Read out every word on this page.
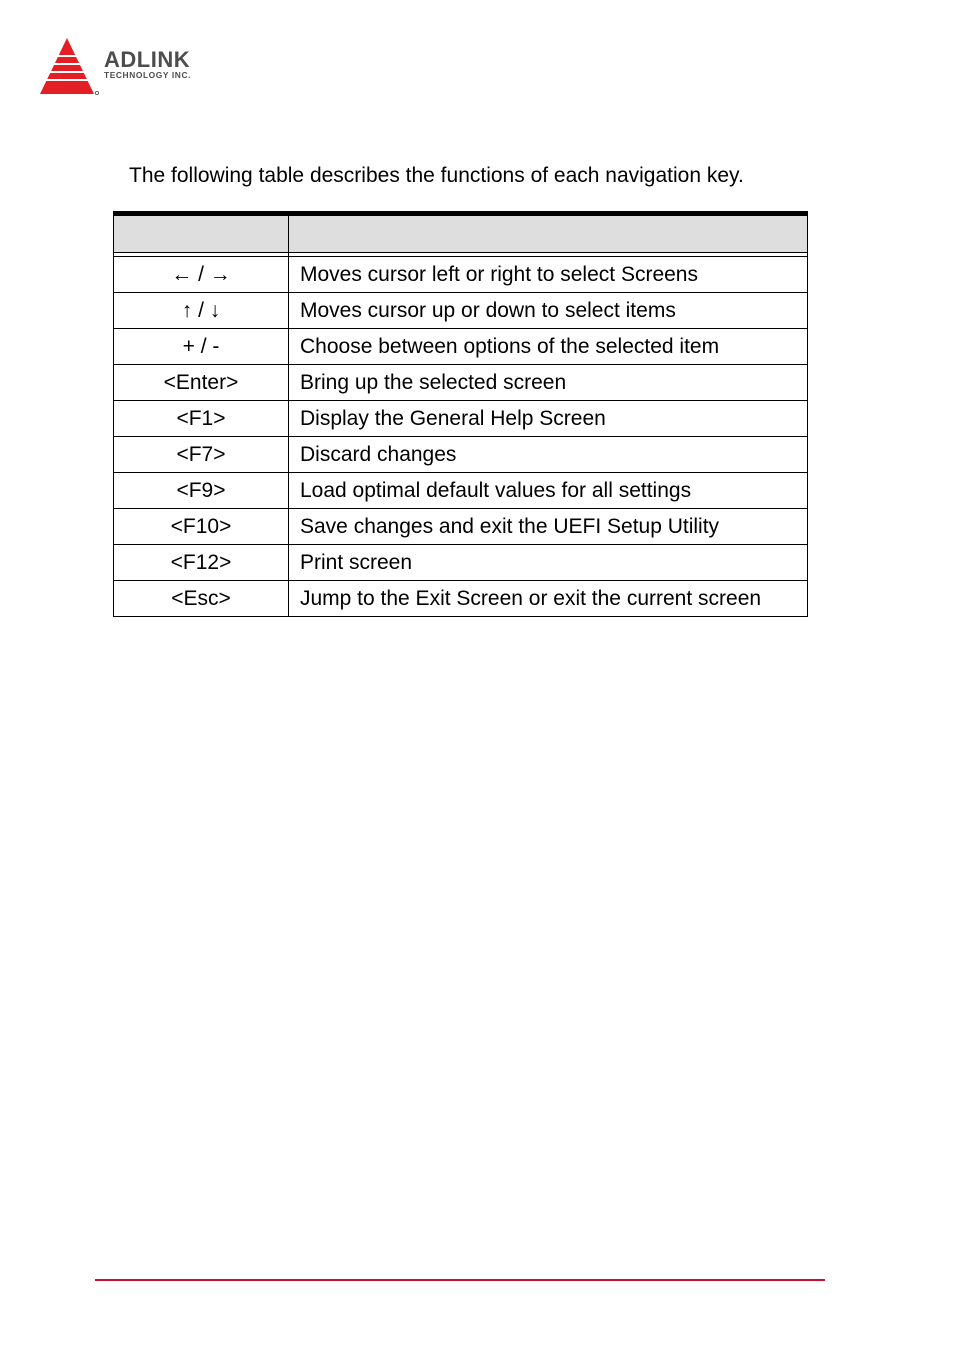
ADLINK
TECHNOLOGY INC.
The following table describes the functions of each navigation key.

← / →	Moves cursor left or right to select Screens
↑ / ↓	Moves cursor up or down to select items
+ / -	Choose between options of the selected item
<Enter>	Bring up the selected screen
<F1>	Display the General Help Screen
<F7>	Discard changes
<F9>	Load optimal default values for all settings
<F10>	Save changes and exit the UEFI Setup Utility
<F12>	Print screen
<Esc>	Jump to the Exit Screen or exit the current screen
